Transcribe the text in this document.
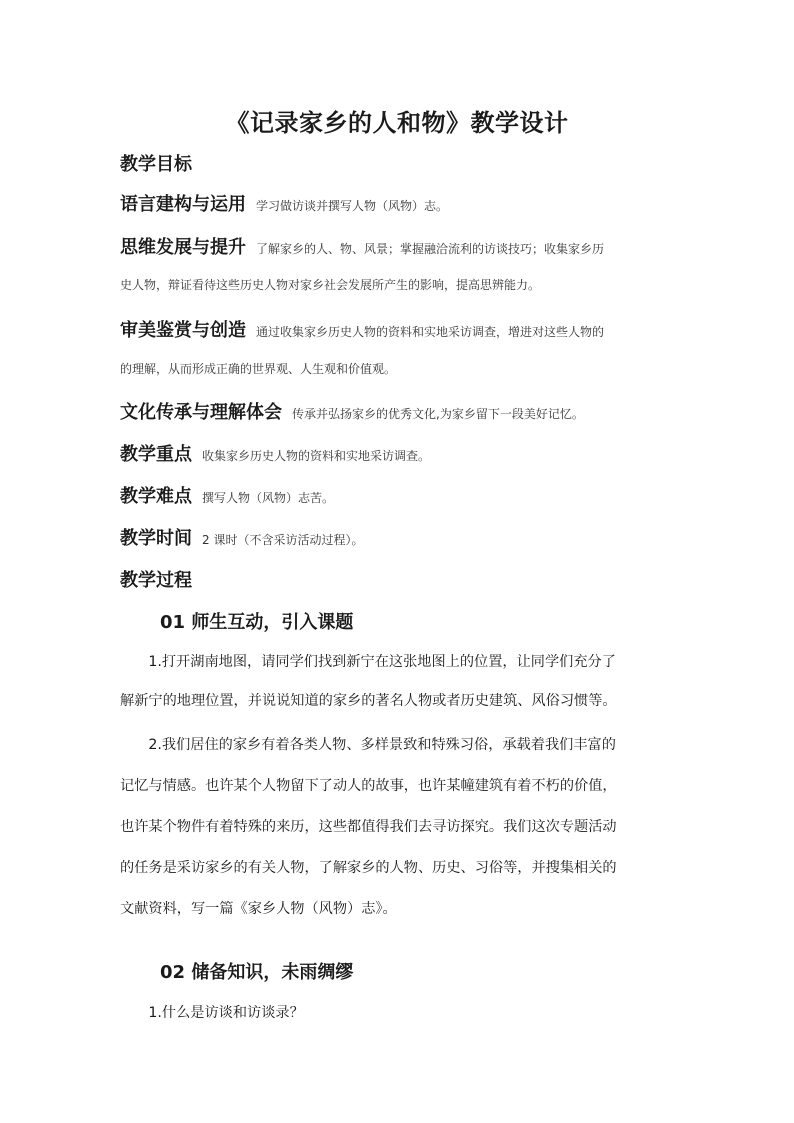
《记录家乡的人和物》教学设计
教学目标
语言建构与运用 学习做访谈并撰写人物（风物）志。
思维发展与提升 了解家乡的人、物、风景；掌握融洽流利的访谈技巧；收集家乡历
史人物，辩证看待这些历史人物对家乡社会发展所产生的影响，提高思辨能力。
审美鉴赏与创造 通过收集家乡历史人物的资料和实地采访调查，增进对这些人物的
的理解，从而形成正确的世界观、人生观和价值观。
文化传承与理解体会 传承并弘扬家乡的优秀文化,为家乡留下一段美好记忆。
教学重点 收集家乡历史人物的资料和实地采访调查。
教学难点 撰写人物（风物）志苦。
教学时间 2 课时（不含采访活动过程）。
教学过程
01 师生互动，引入课题
　　1.打开湖南地图，请同学们找到新宁在这张地图上的位置，让同学们充分了
解新宁的地理位置，并说说知道的家乡的著名人物或者历史建筑、风俗习惯等。
　　2.我们居住的家乡有着各类人物、多样景致和特殊习俗，承载着我们丰富的
记忆与情感。也许某个人物留下了动人的故事，也许某幢建筑有着不朽的价值，
也许某个物件有着特殊的来历，这些都值得我们去寻访探究。我们这次专题活动
的任务是采访家乡的有关人物，了解家乡的人物、历史、习俗等，并搜集相关的
文献资料，写一篇《家乡人物（风物）志》。
02 储备知识，未雨绸缪
　　1.什么是访谈和访谈录？
